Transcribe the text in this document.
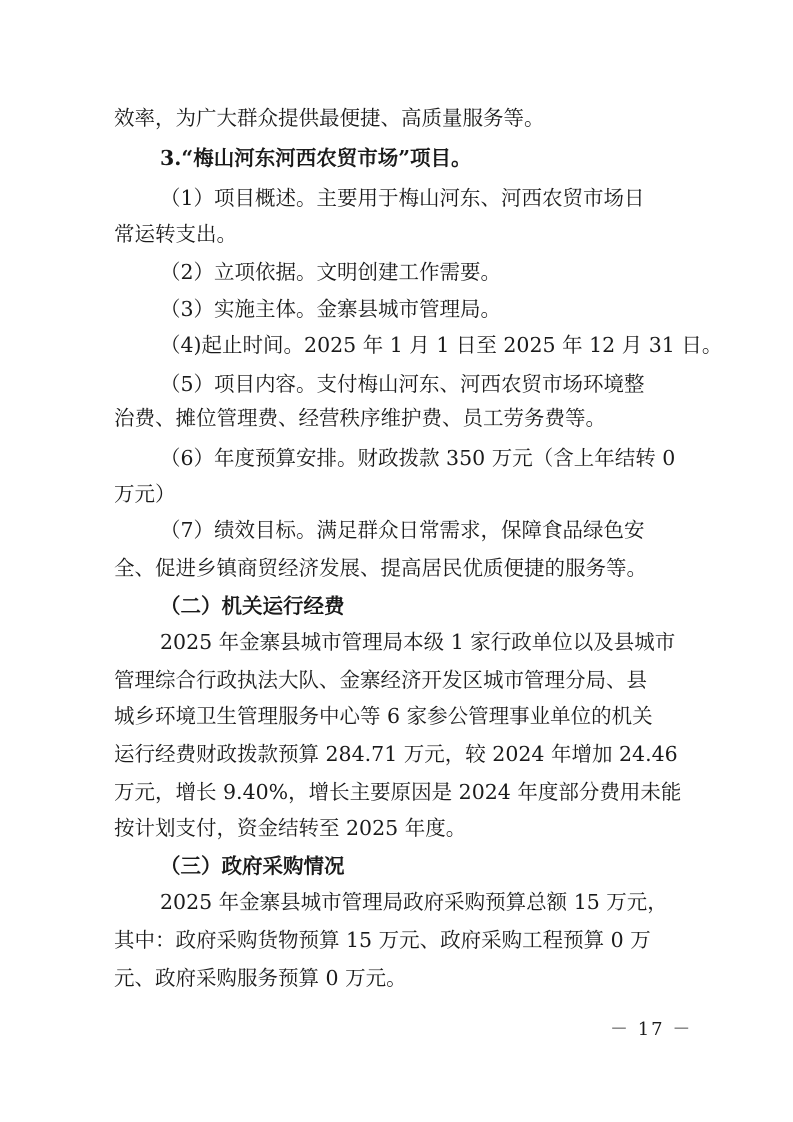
效率，为广大群众提供最便捷、高质量服务等。

3.“梅山河东河西农贸市场”项目。

（1）项目概述。主要用于梅山河东、河西农贸市场日

常运转支出。

（2）立项依据。文明创建工作需要。

（3）实施主体。金寨县城市管理局。

（4)起止时间。2025 年 1 月 1 日至 2025 年 12 月 31 日。

（5）项目内容。支付梅山河东、河西农贸市场环境整

治费、摊位管理费、经营秩序维护费、员工劳务费等。

（6）年度预算安排。财政拨款 350 万元（含上年结转 0

万元）

（7）绩效目标。满足群众日常需求，保障食品绿色安

全、促进乡镇商贸经济发展、提高居民优质便捷的服务等。

（二）机关运行经费

2025 年金寨县城市管理局本级 1 家行政单位以及县城市

管理综合行政执法大队、金寨经济开发区城市管理分局、县

城乡环境卫生管理服务中心等 6 家参公管理事业单位的机关

运行经费财政拨款预算 284.71 万元，较 2024 年增加 24.46

万元，增长 9.40%，增长主要原因是 2024 年度部分费用未能

按计划支付，资金结转至 2025 年度。

（三）政府采购情况

2025 年金寨县城市管理局政府采购预算总额 15 万元，

其中：政府采购货物预算 15 万元、政府采购工程预算 0 万

元、政府采购服务预算 0 万元。

－ 17 －
